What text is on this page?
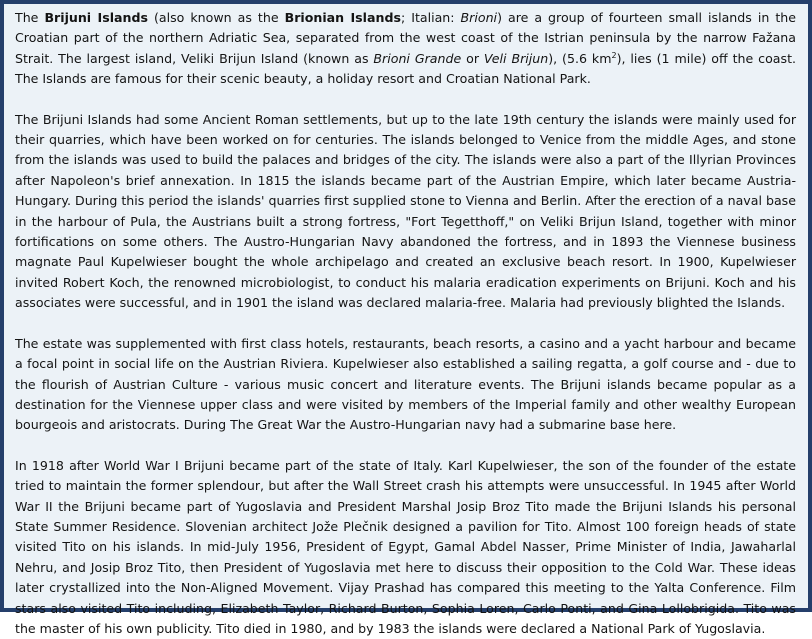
The Brijuni Islands (also known as the Brionian Islands; Italian: Brioni) are a group of fourteen small islands in the Croatian part of the northern Adriatic Sea, separated from the west coast of the Istrian peninsula by the narrow Fažana Strait. The largest island, Veliki Brijun Island (known as Brioni Grande or Veli Brijun), (5.6 $km^2$), lies (1 mile) off the coast. The Islands are famous for their scenic beauty, a holiday resort and Croatian National Park.

The Brijuni Islands had some Ancient Roman settlements, but up to the late 19th century the islands were mainly used for their quarries, which have been worked on for centuries. The islands belonged to Venice from the middle Ages, and stone from the islands was used to build the palaces and bridges of the city. The islands were also a part of the Illyrian Provinces after Napoleon's brief annexation. In 1815 the islands became part of the Austrian Empire, which later became Austria-Hungary. During this period the islands' quarries first supplied stone to Vienna and Berlin. After the erection of a naval base in the harbour of Pula, the Austrians built a strong fortress, "Fort Tegetthoff," on Veliki Brijun Island, together with minor fortifications on some others. The Austro-Hungarian Navy abandoned the fortress, and in 1893 the Viennese business magnate Paul Kupelwieser bought the whole archipelago and created an exclusive beach resort. In 1900, Kupelwieser invited Robert Koch, the renowned microbiologist, to conduct his malaria eradication experiments on Brijuni. Koch and his associates were successful, and in 1901 the island was declared malaria-free. Malaria had previously blighted the Islands.

The estate was supplemented with first class hotels, restaurants, beach resorts, a casino and a yacht harbour and became a focal point in social life on the Austrian Riviera. Kupelwieser also established a sailing regatta, a golf course and - due to the flourish of Austrian Culture - various music concert and literature events. The Brijuni islands became popular as a destination for the Viennese upper class and were visited by members of the Imperial family and other wealthy European bourgeois and aristocrats. During The Great War the Austro-Hungarian navy had a submarine base here.

In 1918 after World War I Brijuni became part of the state of Italy. Karl Kupelwieser, the son of the founder of the estate tried to maintain the former splendour, but after the Wall Street crash his attempts were unsuccessful. In 1945 after World War II the Brijuni became part of Yugoslavia and President Marshal Josip Broz Tito made the Brijuni Islands his personal State Summer Residence. Slovenian architect Jože Plečnik designed a pavilion for Tito. Almost 100 foreign heads of state visited Tito on his islands. In mid-July 1956, President of Egypt, Gamal Abdel Nasser, Prime Minister of India, Jawaharlal Nehru, and Josip Broz Tito, then President of Yugoslavia met here to discuss their opposition to the Cold War. These ideas later crystallized into the Non-Aligned Movement. Vijay Prashad has compared this meeting to the Yalta Conference. Film stars also visited Tito including, Elizabeth Taylor, Richard Burton, Sophia Loren, Carlo Ponti, and Gina Lollobrigida. Tito was the master of his own publicity. Tito died in 1980, and by 1983 the islands were declared a National Park of Yugoslavia.
